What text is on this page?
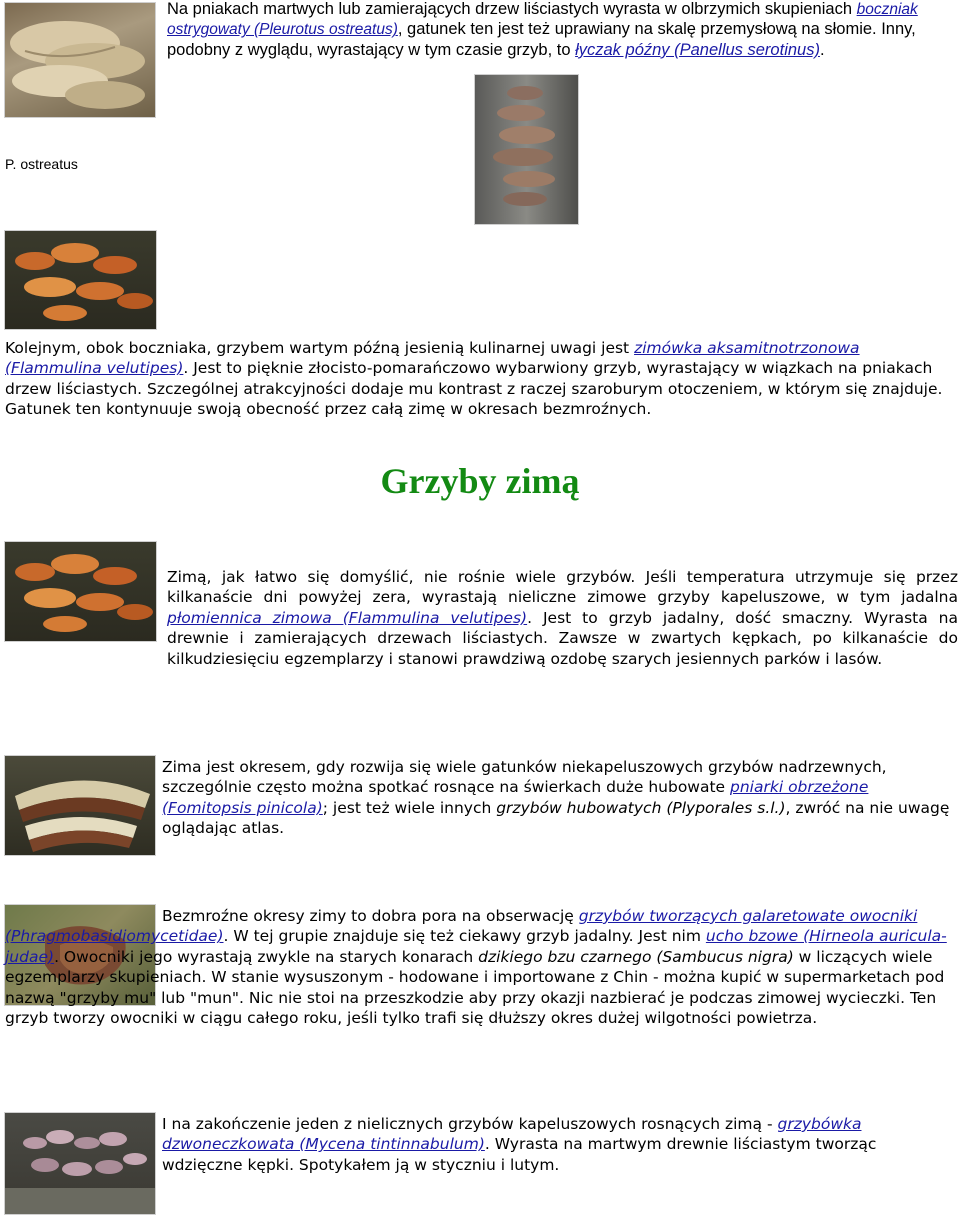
Na pniakach martwych lub zamierających drzew liściastych wyrasta w olbrzymich skupieniach boczniak ostrygowaty (Pleurotus ostreatus), gatunek ten jest też uprawiany na skalę przemysłową na słomie. Inny, podobny z wyglądu, wyrastający w tym czasie grzyb, to łyczak późny (Panellus serotinus).

P. ostreatus

Kolejnym, obok boczniaka, grzybem wartym późną jesienią kulinarnej uwagi jest zimówka aksamitnotrzonowa (Flammulina velutipes). Jest to pięknie złocisto-pomarańczowo wybarwiony grzyb, wyrastający w wiązkach na pniakach drzew liściastych. Szczególnej atrakcyjności dodaje mu kontrast z raczej szaroburym otoczeniem, w którym się znajduje. Gatunek ten kontynuuje swoją obecność przez całą zimę w okresach bezmroźnych.

Grzyby zimą

Zimą, jak łatwo się domyślić, nie rośnie wiele grzybów. Jeśli temperatura utrzymuje się przez kilkanaście dni powyżej zera, wyrastają nieliczne zimowe grzyby kapeluszowe, w tym jadalna płomiennica zimowa (Flammulina velutipes). Jest to grzyb jadalny, dość smaczny. Wyrasta na drewnie i zamierających drzewach liściastych. Zawsze w zwartych kępkach, po kilkanaście do kilkudziesięciu egzemplarzy i stanowi prawdziwą ozdobę szarych jesiennych parków i lasów.

Zima jest okresem, gdy rozwija się wiele gatunków niekapeluszowych grzybów nadrzewnych, szczególnie często można spotkać rosnące na świerkach duże hubowate pniarki obrzeżone (Fomitopsis pinicola); jest też wiele innych grzybów hubowatych (Plyporales s.l.), zwróć na nie uwagę oglądając atlas.

Bezmroźne okresy zimy to dobra pora na obserwację grzybów tworzących galaretowate owocniki (Phragmobasidiomycetidae). W tej grupie znajduje się też ciekawy grzyb jadalny. Jest nim ucho bzowe (Hirneola auricula-judae). Owocniki jego wyrastają zwykle na starych konarach dzikiego bzu czarnego (Sambucus nigra) w liczących wiele egzemplarzy skupieniach. W stanie wysuszonym - hodowane i importowane z Chin - można kupić w supermarketach pod nazwą "grzyby mu" lub "mun". Nic nie stoi na przeszkodzie aby przy okazji nazbierać je podczas zimowej wycieczki. Ten grzyb tworzy owocniki w ciągu całego roku, jeśli tylko trafi się dłuższy okres dużej wilgotności powietrza.

I na zakończenie jeden z nielicznych grzybów kapeluszowych rosnących zimą - grzybówka dzwoneczkowata (Mycena tintinnabulum). Wyrasta na martwym drewnie liściastym tworząc wdzięczne kępki. Spotykałem ją w styczniu i lutym.
